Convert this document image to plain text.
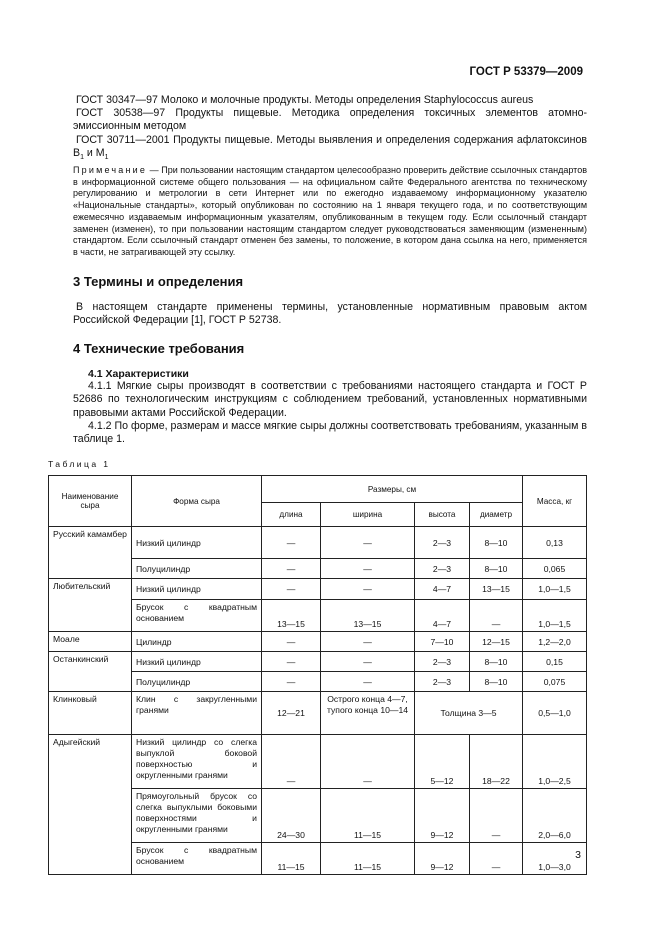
ГОСТ Р 53379—2009

ГОСТ 30347—97 Молоко и молочные продукты. Методы определения Staphylococcus aureus

ГОСТ 30538—97 Продукты пищевые. Методика определения токсичных элементов атомно-эмиссионным методом

ГОСТ 30711—2001 Продукты пищевые. Методы выявления и определения содержания афлатоксинов $B_1$ и $M_1$

Примечание — При пользовании настоящим стандартом целесообразно проверить действие ссылочных стандартов в информационной системе общего пользования — на официальном сайте Федерального агентства по техническому регулированию и метрологии в сети Интернет или по ежегодно издаваемому информационному указателю «Национальные стандарты», который опубликован по состоянию на 1 января текущего года, и по соответствующим ежемесячно издаваемым информационным указателям, опубликованным в текущем году. Если ссылочный стандарт заменен (изменен), то при пользовании настоящим стандартом следует руководствоваться заменяющим (измененным) стандартом. Если ссылочный стандарт отменен без замены, то положение, в котором дана ссылка на него, применяется в части, не затрагивающей эту ссылку.
3 Термины и определения
В настоящем стандарте применены термины, установленные нормативным правовым актом Российской Федерации [1], ГОСТ Р 52738.
4 Технические требования
4.1 Характеристики
4.1.1 Мягкие сыры производят в соответствии с требованиями настоящего стандарта и ГОСТ Р 52686 по технологическим инструкциям с соблюдением требований, установленных нормативными правовыми актами Российской Федерации.
4.1.2 По форме, размерам и массе мягкие сыры должны соответствовать требованиям, указанным в таблице 1.
Таблица 1
Наименование сыра	Форма сыра	Размеры, см				Масса, кг
		длина	ширина	высота	диаметр	
Русский камамбер	Низкий цилиндр	—	—	2—3	8—10	0,13
	Полуцилиндр	—	—	2—3	8—10	0,065
Любительский	Низкий цилиндр	—	—	4—7	13—15	1,0—1,5
	Брусок с квадратным основанием	13—15	13—15	4—7	—	1,0—1,5
Моале	Цилиндр	—	—	7—10	12—15	1,2—2,0
Останкинский	Низкий цилиндр	—	—	2—3	8—10	0,15
	Полуцилиндр	—	—	2—3	8—10	0,075
Клинковый	Клин с закругленными гранями	12—21	Острого конца 4—7, тупого конца 10—14	Толщина 3—5		0,5—1,0
Адыгейский	Низкий цилиндр со слегка выпуклой боковой поверхностью и округленными гранями	—	—	5—12	18—22	1,0—2,5
	Прямоугольный брусок со слегка выпуклыми боковыми поверхностями и округленными гранями	24—30	11—15	9—12	—	2,0—6,0
	Брусок с квадратным основанием	11—15	11—15	9—12	—	1,0—3,0
3
